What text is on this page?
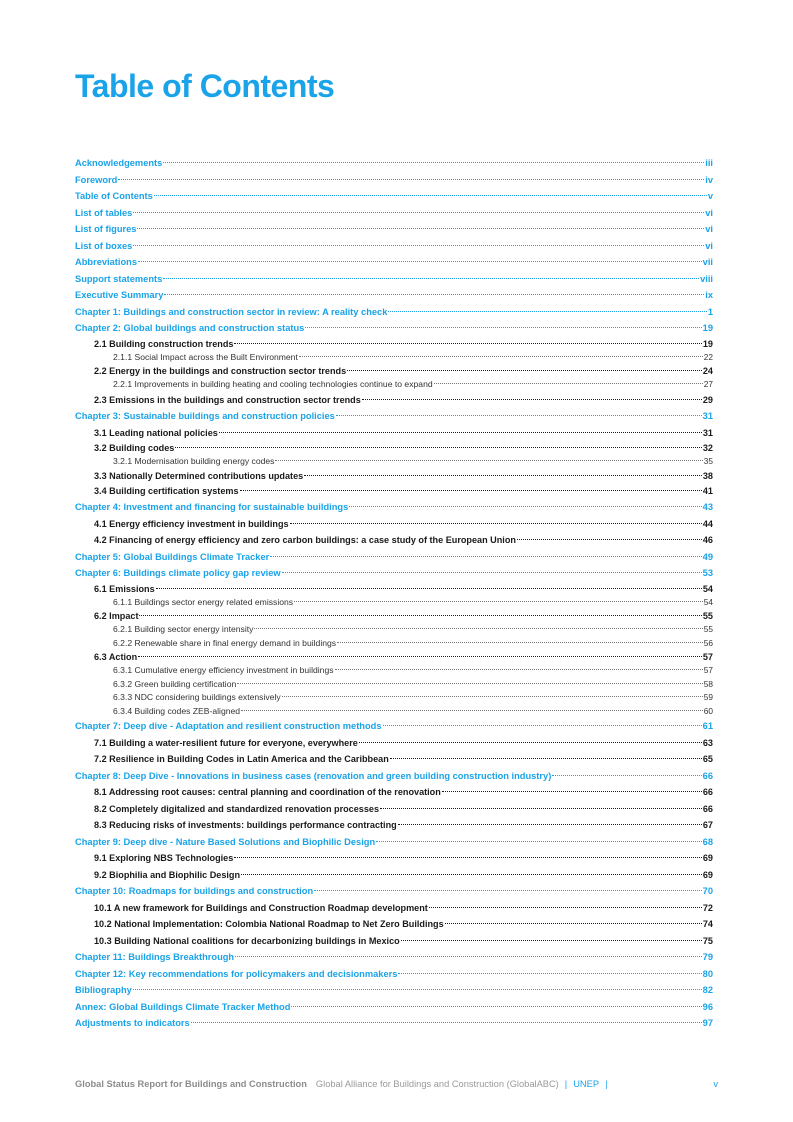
Table of Contents
Acknowledgements	iii
Foreword	iv
Table of Contents	v
List of tables	vi
List of figures	vi
List of boxes	vi
Abbreviations	vii
Support statements	viii
Executive Summary	ix
Chapter 1: Buildings and construction sector in review: A reality check	1
Chapter 2: Global buildings and construction status	19
2.1 Building construction trends	19
2.1.1 Social Impact across the Built Environment	22
2.2 Energy in the buildings and construction sector trends	24
2.2.1 Improvements in building heating and cooling technologies continue to expand	27
2.3 Emissions in the buildings and construction sector trends	29
Chapter 3: Sustainable buildings and construction policies	31
3.1 Leading national policies	31
3.2 Building codes	32
3.2.1 Modernisation building energy codes	35
3.3 Nationally Determined contributions updates	38
3.4 Building certification systems	41
Chapter 4: Investment and financing for sustainable buildings	43
4.1 Energy efficiency investment in buildings	44
4.2 Financing of energy efficiency and zero carbon buildings: a case study of the European Union	46
Chapter 5: Global Buildings Climate Tracker	49
Chapter 6: Buildings climate policy gap review	53
6.1 Emissions	54
6.1.1 Buildings sector energy related emissions	54
6.2 Impact	55
6.2.1 Building sector energy intensity	55
6.2.2 Renewable share in final energy demand in buildings	56
6.3 Action	57
6.3.1 Cumulative energy efficiency investment in buildings	57
6.3.2 Green building certification	58
6.3.3 NDC considering buildings extensively	59
6.3.4 Building codes ZEB-aligned	60
Chapter 7: Deep dive - Adaptation and resilient construction methods	61
7.1 Building a water-resilient future for everyone, everywhere	63
7.2 Resilience in Building Codes in Latin America and the Caribbean	65
Chapter 8: Deep Dive - Innovations in business cases (renovation and green building construction industry)	66
8.1 Addressing root causes: central planning and coordination of the renovation	66
8.2 Completely digitalized and standardized renovation processes	66
8.3 Reducing risks of investments: buildings performance contracting	67
Chapter 9: Deep dive - Nature Based Solutions and Biophilic Design	68
9.1 Exploring NBS Technologies	69
9.2 Biophilia and Biophilic Design	69
Chapter 10: Roadmaps for buildings and construction	70
10.1 A new framework for Buildings and Construction Roadmap development	72
10.2 National Implementation: Colombia National Roadmap to Net Zero Buildings	74
10.3 Building National coalitions for decarbonizing buildings in Mexico	75
Chapter 11: Buildings Breakthrough	79
Chapter 12: Key recommendations for policymakers and decisionmakers	80
Bibliography	82
Annex: Global Buildings Climate Tracker Method	96
Adjustments to indicators	97
Global Status Report for Buildings and Construction Global Alliance for Buildings and Construction (GlobalABC) | UNEP |	v
